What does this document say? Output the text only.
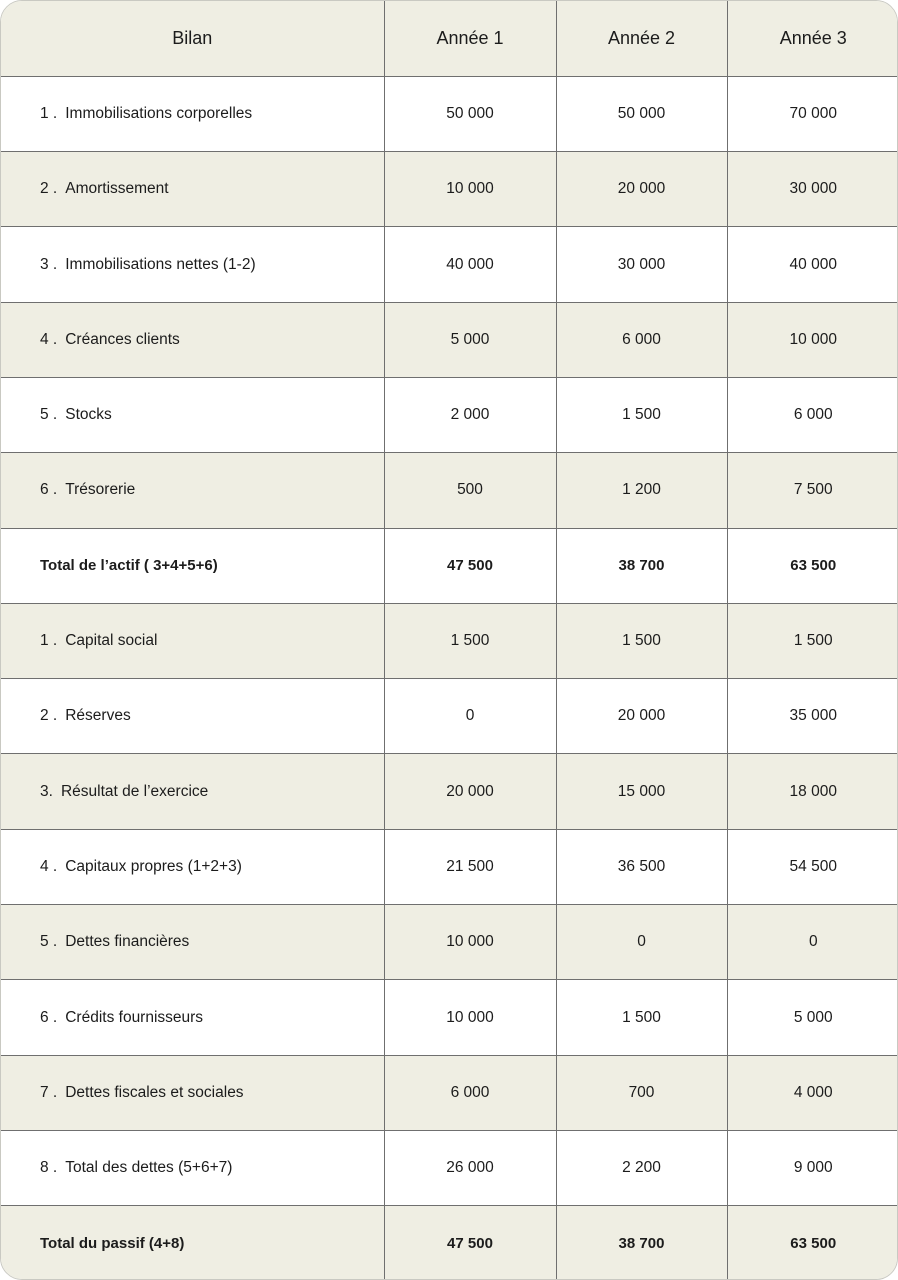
Bilan	Année 1	Année 2	Année 3
1 . Immobilisations corporelles	50 000	50 000	70 000
2 . Amortissement	10 000	20 000	30 000
3 . Immobilisations nettes (1-2)	40 000	30 000	40 000
4 . Créances clients	5 000	6 000	10 000
5 . Stocks	2 000	1 500	6 000
6 . Trésorerie	500	1 200	7 500
Total de l’actif ( 3+4+5+6)	47 500	38 700	63 500
1 . Capital social	1 500	1 500	1 500
2 . Réserves	0	20 000	35 000
3. Résultat de l’exercice	20 000	15 000	18 000
4 . Capitaux propres (1+2+3)	21 500	36 500	54 500
5 . Dettes financières	10 000	0	0
6 . Crédits fournisseurs	10 000	1 500	5 000
7 . Dettes fiscales et sociales	6 000	700	4 000
8 . Total des dettes (5+6+7)	26 000	2 200	9 000
Total du passif (4+8)	47 500	38 700	63 500
